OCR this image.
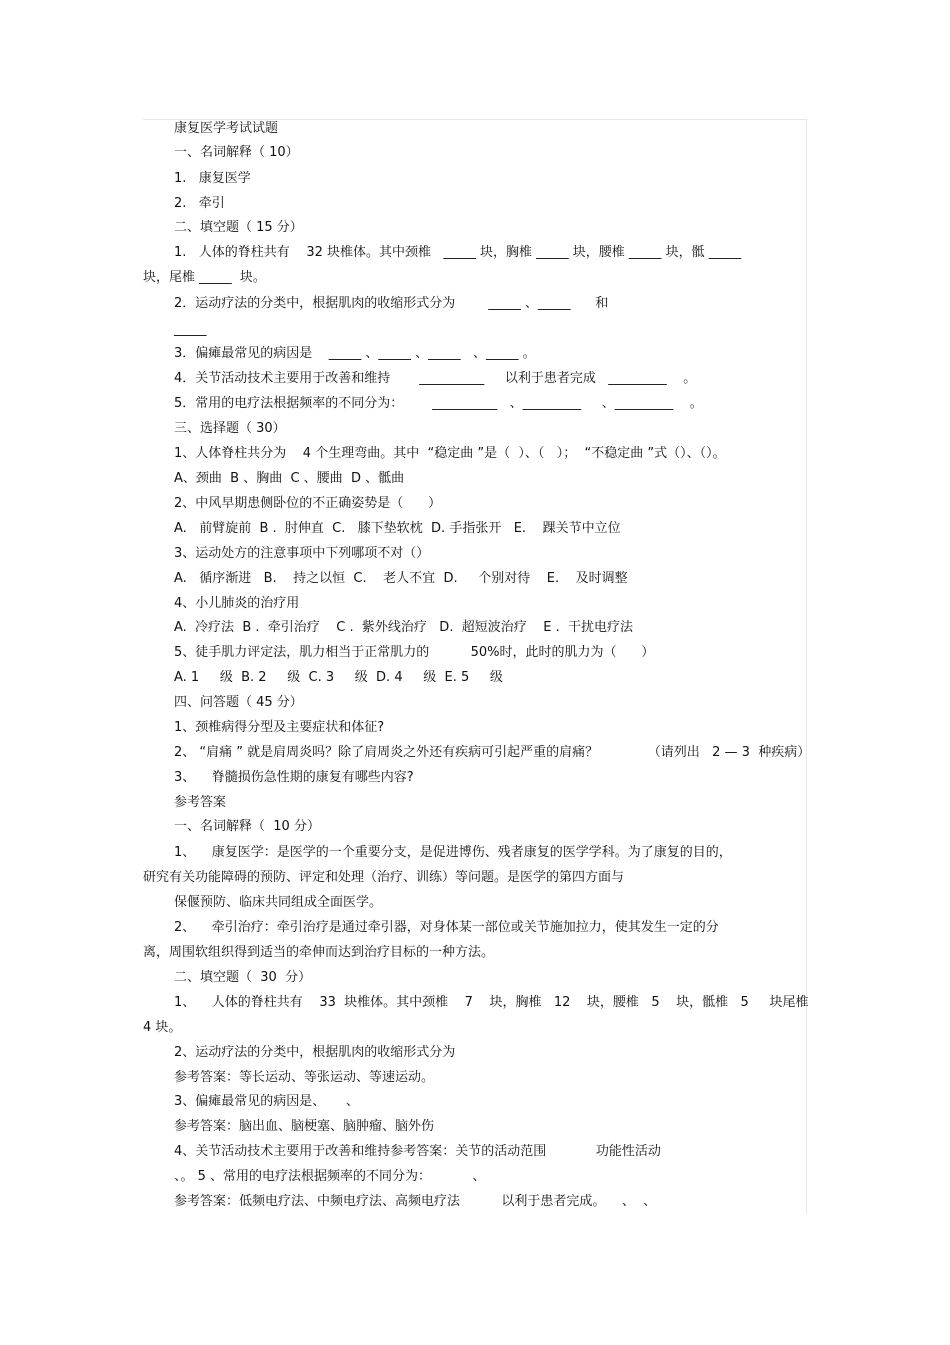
康复医学考试试题
一、名词解释（ 10）
1.   康复医学
2.   牵引
二、填空题（ 15 分）
1.   人体的脊柱共有    32 块椎体。其中颈椎   _____ 块，胸椎 _____ 块，腰椎 _____ 块，骶 _____
块，尾椎 _____  块。
2．运动疗法的分类中，根据肌肉的收缩形式分为        _____ 、_____      和
_____
3．偏瘫最常见的病因是    _____ 、_____ 、_____   、_____ 。
4．关节活动技术主要用于改善和维持       __________     以利于患者完成   _________    。
5．常用的电疗法根据频率的不同分为：       __________   、_________     、_________    。
三、选择题（ 30）
1、人体脊柱共分为    4 个生理弯曲。其中  “稳定曲 ”是（  ）、（   ）；  “不稳定曲 ”式（）、（）。
A、颈曲  B 、胸曲  C 、腰曲  D 、骶曲
2、中风早期患侧卧位的不正确姿势是（      ）
A.   前臂旋前  B .  肘伸直  C.   膝下垫软枕  D. 手指张开   E.    踝关节中立位
3、运动处方的注意事项中下列哪项不对（）
A.   循序渐进   B.    持之以恒  C.    老人不宜  D.     个别对待    E.    及时调整
4、小儿肺炎的治疗用
A.  冷疗法  B .  牵引治疗    C .  紫外线治疗   D.  超短波治疗    E .  干扰电疗法
5、徒手肌力评定法，肌力相当于正常肌力的          50%时，此时的肌力为（      ）
A. 1     级  B. 2     级  C. 3     级  D. 4     级  E. 5     级
四、问答题（ 45 分）
1、颈椎病得分型及主要症状和体征?
2、 “肩痛 ” 就是肩周炎吗？除了肩周炎之外还有疾病可引起严重的肩痛？            （请列出   2 — 3  种疾病）
3、    脊髓损伤急性期的康复有哪些内容?
参考答案
一、名词解释（  10 分）
1、    康复医学：是医学的一个重要分支，是促进博伤、残者康复的医学学科。为了康复的目的，
研究有关功能障碍的预防、评定和处理（治疗、训练）等问题。是医学的第四方面与
保偃预防、临床共同组成全面医学。
2、    牵引治疗：牵引治疗是通过牵引器，对身体某一部位或关节施加拉力，使其发生一定的分
离，周围软组织得到适当的牵伸而达到治疗目标的一种方法。
二、填空题（  30  分）
1、    人体的脊柱共有    33  块椎体。其中颈椎    7    块，胸椎   12    块，腰椎   5    块，骶椎   5     块尾椎
4 块。
2、运动疗法的分类中，根据肌肉的收缩形式分为
参考答案：等长运动、等张运动、等速运动。
3、偏瘫最常见的病因是、     、
参考答案：脑出血、脑梗塞、脑肿瘤、脑外伤
4、关节活动技术主要用于改善和维持参考答案：关节的活动范围            功能性活动
、。 5 、常用的电疗法根据频率的不同分为：          、
参考答案：低频电疗法、中频电疗法、高频电疗法          以利于患者完成。    、  、
